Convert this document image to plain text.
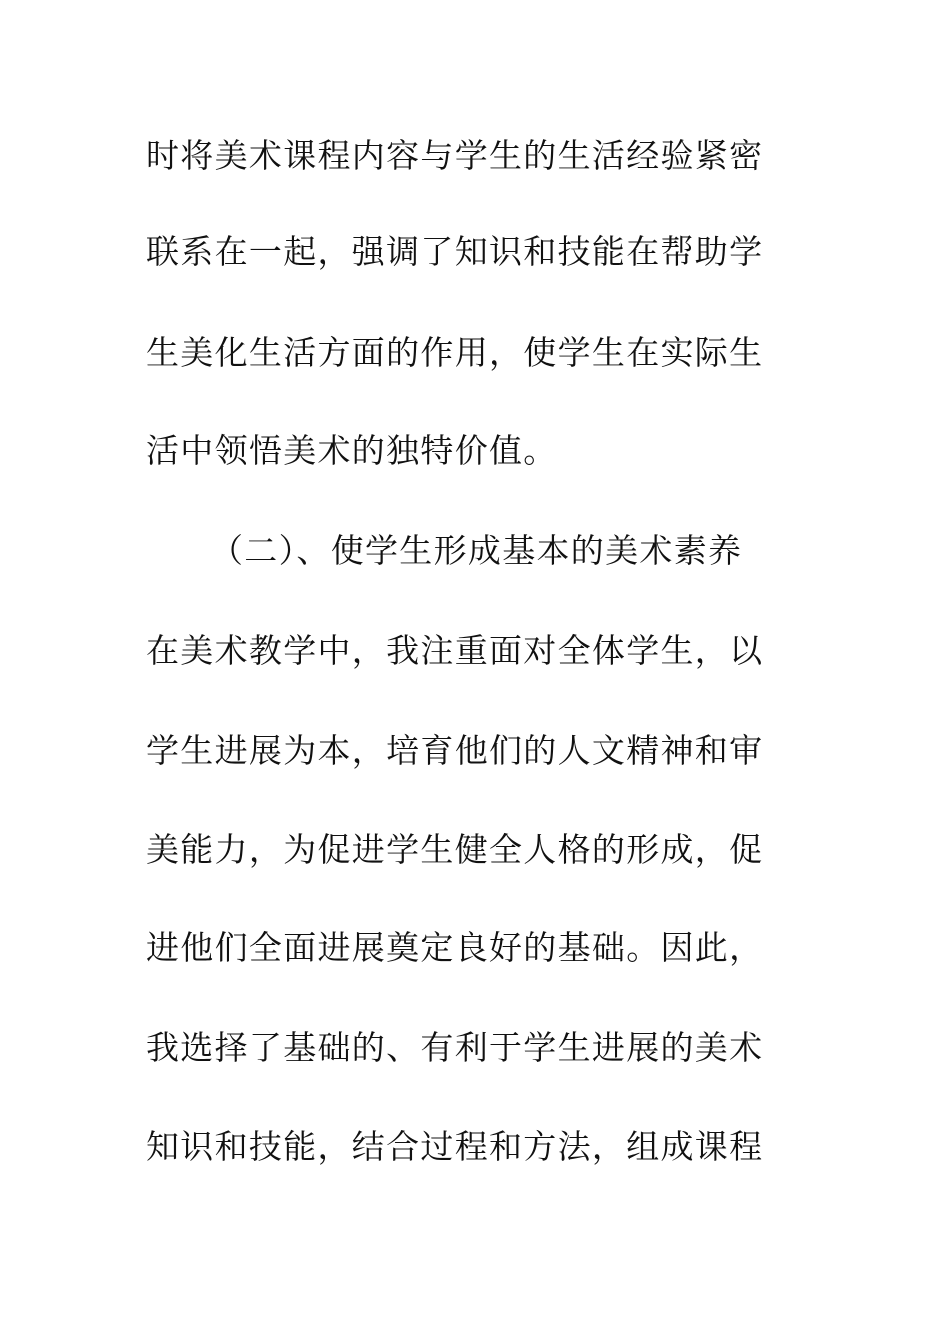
时将美术课程内容与学生的生活经验紧密
联系在一起，强调了知识和技能在帮助学
生美化生活方面的作用，使学生在实际生
活中领悟美术的独特价值。
（二）、使学生形成基本的美术素养
在美术教学中，我注重面对全体学生，以
学生进展为本，培育他们的人文精神和审
美能力，为促进学生健全人格的形成，促
进他们全面进展奠定良好的基础。因此，
我选择了基础的、有利于学生进展的美术
知识和技能，结合过程和方法，组成课程
